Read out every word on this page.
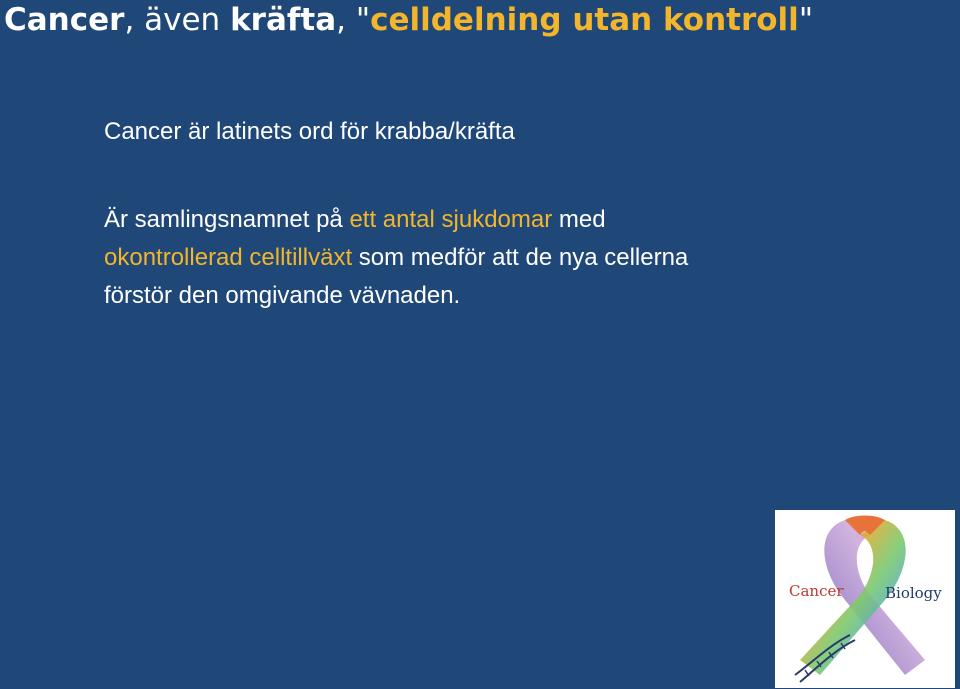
Cancer, även kräfta, "celldelning utan kontroll"
Cancer är latinets ord för krabba/kräfta
Är samlingsnamnet på ett antal sjukdomar med okontrollerad celltillväxt som medför att de nya cellerna förstör den omgivande vävnaden.
Cancer	Biology
